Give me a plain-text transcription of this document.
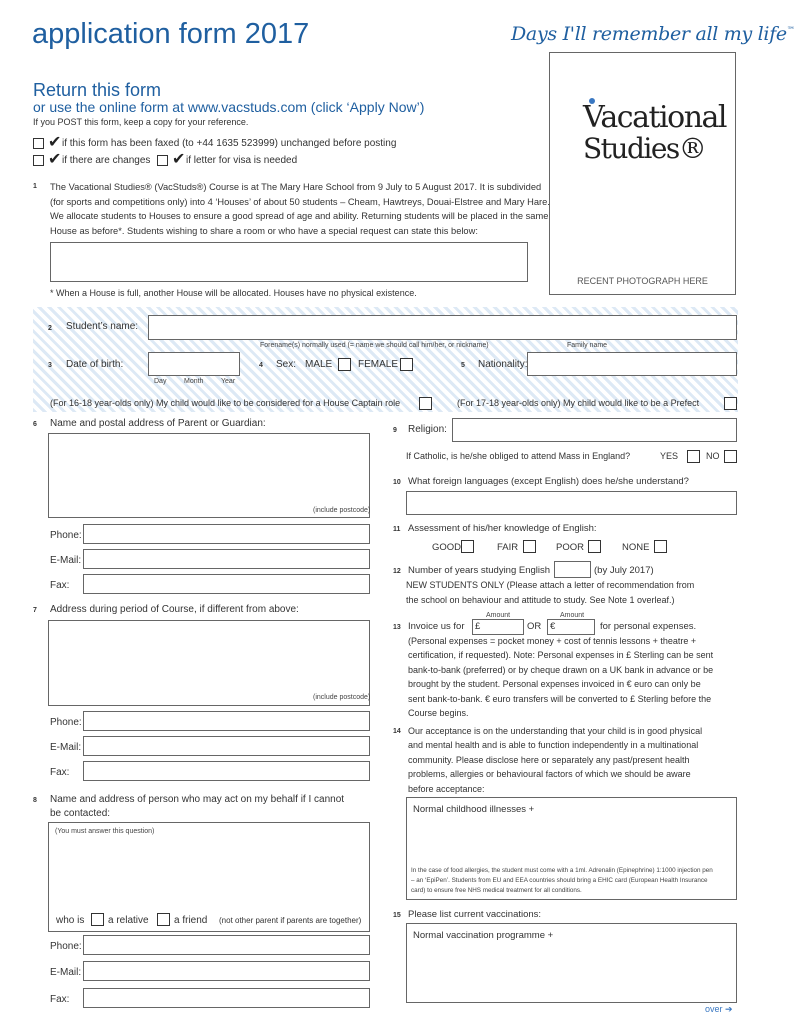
application form 2017	Days I'll remember all my life™
Vacational
Studies®
RECENT PHOTOGRAPH HERE
Return this form
or use the online form at www.vacstuds.com (click ‘Apply Now’)
If you POST this form, keep a copy for your reference.
✔ if this form has been faxed (to +44 1635 523999) unchanged before posting
✔ if there are changes ✔ if letter for visa is needed
1 The Vacational Studies® (VacStuds®) Course is at The Mary Hare School from 9 July to 5 August 2017. It is subdivided
(for sports and competitions only) into 4 ‘Houses’ of about 50 students – Cheam, Hawtreys, Douai-Elstree and Mary Hare.
We allocate students to Houses to ensure a good spread of age and ability. Returning students will be placed in the same
House as before*. Students wishing to share a room or who have a special request can state this below:
* When a House is full, another House will be allocated. Houses have no physical existence.
2 Student’s name:
Forename(s) normally used (= name we should call him/her, or nickname)	Family name
3 Date of birth:
Day	Month	Year
4 Sex: MALE	FEMALE	5 Nationality:
(For 16-18 year-olds only) My child would like to be considered for a House Captain role	(For 17-18 year-olds only) My child would like to be a Prefect
6 Name and postal address of Parent or Guardian:
(include postcode)
Phone:
E-Mail:
Fax:
7 Address during period of Course, if different from above:
(include postcode)
Phone:
E-Mail:
Fax:
8 Name and address of person who may act on my behalf if I cannot
be contacted:
(You must answer this question)
who is a relative	a friend (not other parent if parents are together)
Phone:
E-Mail:
Fax:
9 Religion:
If Catholic, is he/she obliged to attend Mass in England?	YES	NO
10 What foreign languages (except English) does he/she understand?
11 Assessment of his/her knowledge of English:
GOOD	FAIR	POOR	NONE
12 Number of years studying English	(by July 2017)
NEW STUDENTS ONLY (Please attach a letter of recommendation from
the school on behaviour and attitude to study. See Note 1 overleaf.)
13
Amount	Amount
Invoice us for £	OR €	for personal expenses.
(Personal expenses = pocket money + cost of tennis lessons + theatre +
certification, if requested). Note: Personal expenses in £ Sterling can be sent
bank-to-bank (preferred) or by cheque drawn on a UK bank in advance or be
brought by the student. Personal expenses invoiced in € euro can only be
sent bank-to-bank. € euro transfers will be converted to £ Sterling before the
Course begins.
14 Our acceptance is on the understanding that your child is in good physical
and mental health and is able to function independently in a multinational
community. Please disclose here or separately any past/present health
problems, allergies or behavioural factors of which we should be aware
before acceptance:
Normal childhood illnesses +
In the case of food allergies, the student must come with a 1ml. Adrenalin (Epinephrine) 1:1000 injection pen
– an ‘EpiPen’. Students from EU and EEA countries should bring a EHIC card (European Health Insurance
card) to ensure free NHS medical treatment for all conditions.
15 Please list current vaccinations:
Normal vaccination programme +
over ➔
